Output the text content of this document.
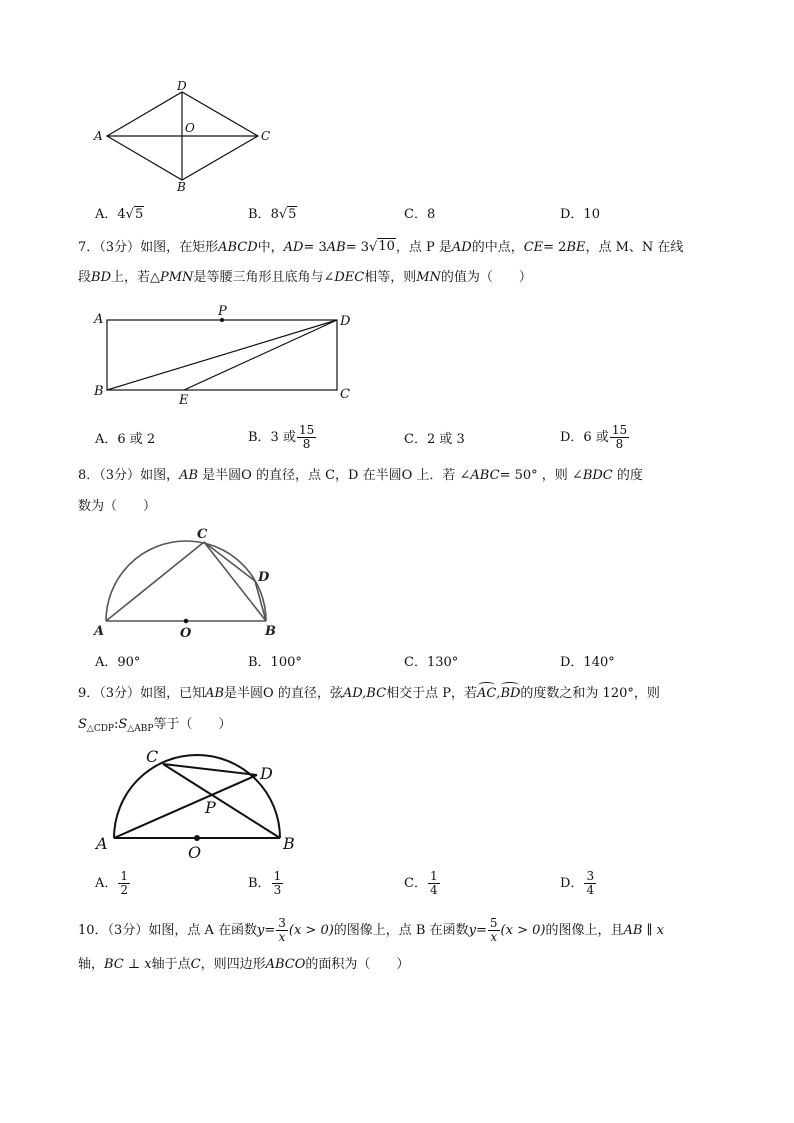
D
A
O
C
B
A．4 √ 5	B．8 √ 5	C．8	D．10
7．（3分）如图，在矩形ABCD中，AD= 3AB= 3 √ 10 ，点 P 是AD的中点，CE= 2BE，点 M、N 在线
段BD上，若△PMN是等腰三角形且底角与∠DEC相等，则MN的值为（　　）
A
P
D
B
E	C
A．6 或 2	B．3 或 $\frac{15}{8}$	C．2 或 3	D．6 或 $\frac{15}{8}$
8．（3分）如图，AB 是半圆O 的直径，点 C，D 在半圆O 上．若 ∠ABC= 50° ，则 ∠BDC 的度
数为（　　）
C
D
A	O	B
A．90°	B．100°	C．130°	D．140°
9．（3分）如图，已知AB是半圆O 的直径，弦AD,BC相交于点 P，若AC,BD的度数之和为 120°，则
$S_{\triangle CDP}:S_{\triangle ABP}$等于（　　）
C
D
P
A	O	B
A． $\frac{1}{2}$	B． $\frac{1}{3}$	C． $\frac{1}{4}$	D． $\frac{3}{4}$
10．（3分）如图，点 A 在函数$y= \frac{3}{x} (x > 0)$的图像上，点 B 在函数$y= \frac{5}{x} (x > 0)$的图像上，且AB ∥ x
轴，BC ⊥ x轴于点C，则四边形ABCO的面积为（　　）
